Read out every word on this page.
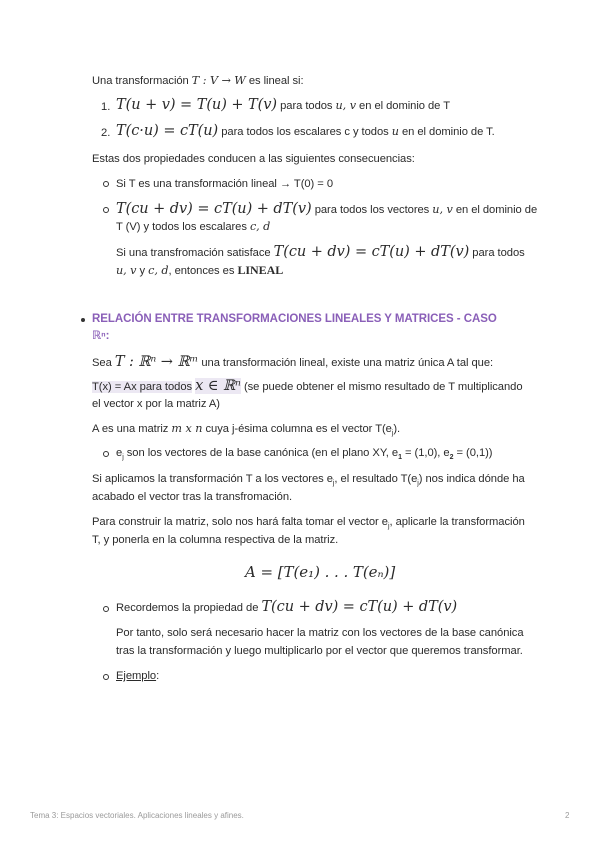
Una transformación T : V → W es lineal si:
1. T(u + v) = T(u) + T(v) para todos u, v en el dominio de T
2. T(c·u) = cT(u) para todos los escalares c y todos u en el dominio de T.
Estas dos propiedades conducen a las siguientes consecuencias:
Si T es una transformación lineal → T(0) = 0
T(cu + dv) = cT(u) + dT(v) para todos los vectores u, v en el dominio de
T (V) y todos los escalares c, d
Si una transfromación satisface T(cu + dv) = cT(u) + dT(v) para todos
u, v y c, d, entonces es LINEAL
RELACIÓN ENTRE TRANSFORMACIONES LINEALES Y MATRICES - CASO
ℝⁿ:
Sea T : ℝⁿ → ℝᵐ una transformación lineal, existe una matriz única A tal que:
T(x) = Ax para todos x ∈ ℝⁿ (se puede obtener el mismo resultado de T multiplicando
el vector x por la matriz A)
A es una matriz m x n cuya j-ésima columna es el vector $T(e_j)$.
$e_j$ son los vectores de la base canónica (en el plano XY, $e_1 = (1,0)$, $e_2 = (0,1)$)
Si aplicamos la transformación T a los vectores $e_j$, el resultado $T(e_j)$ nos indica dónde ha
acabado el vector tras la transfromación.
Para construir la matriz, solo nos hará falta tomar el vector $e_j$, aplicarle la transformación
T, y ponerla en la columna respectiva de la matriz.
A = [T(e₁) . . . T(eₙ)]
Recordemos la propiedad de T(cu + dv) = cT(u) + dT(v)
Por tanto, solo será necesario hacer la matriz con los vectores de la base canónica
tras la transformación y luego multiplicarlo por el vector que queremos transformar.
Ejemplo:
Tema 3: Espacios vectoriales. Aplicaciones lineales y afines.	2
